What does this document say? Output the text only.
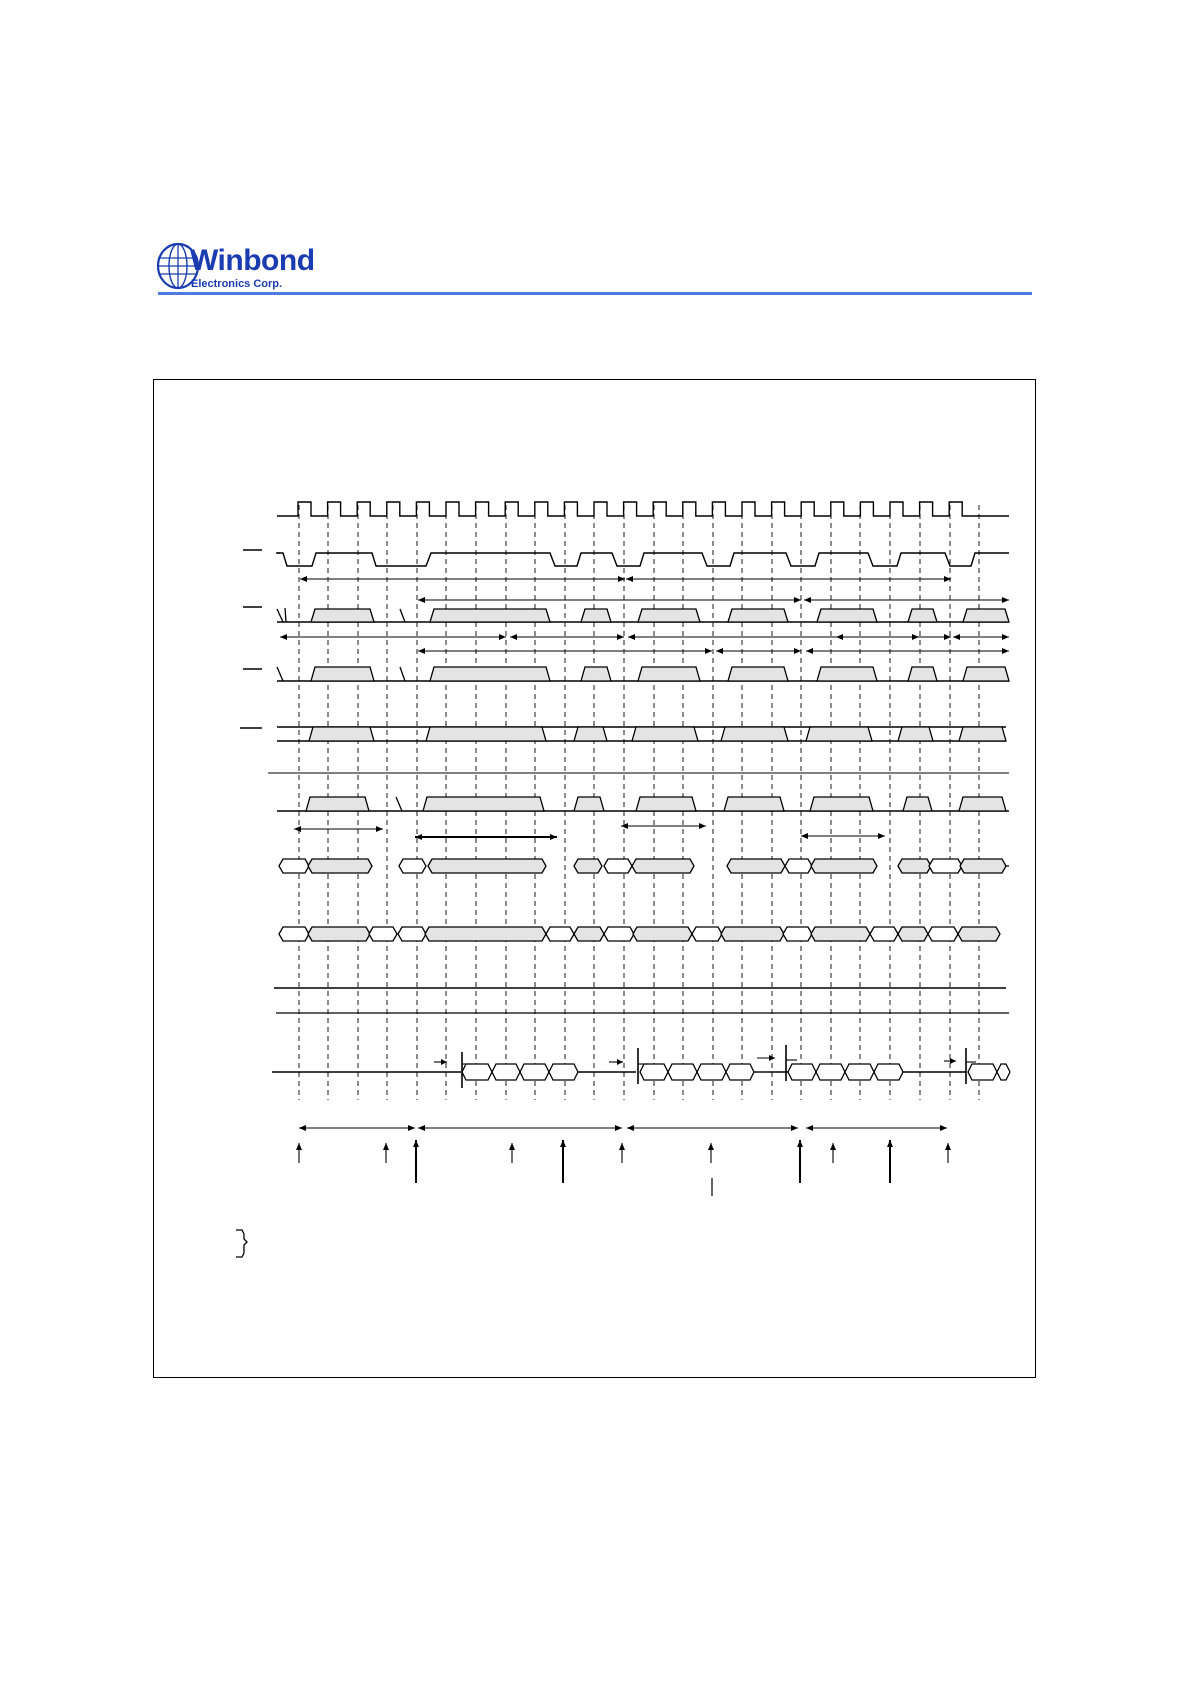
Winbond
Electronics Corp.
